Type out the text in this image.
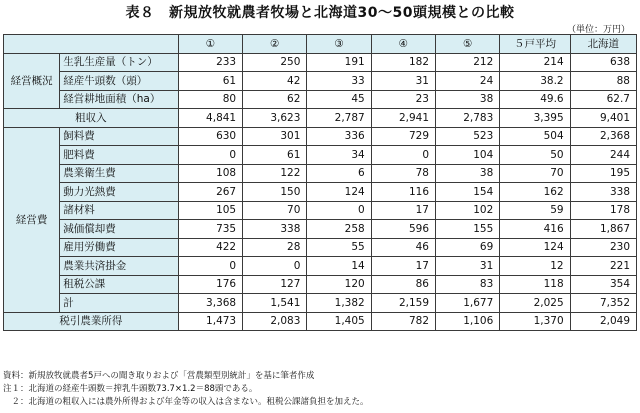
表８　新規放牧就農者牧場と北海道30〜50頭規模との比較
（単位：万円）
		①	②	③	④	⑤	５戸平均	北海道
経営概況	生乳生産量（トン）	233	250	191	182	212	214	638
	経産牛頭数（頭）	61	42	33	31	24	38.2	88
	経営耕地面積（ha）	80	62	45	23	38	49.6	62.7
粗収入		4,841	3,623	2,787	2,941	2,783	3,395	9,401
経営費	飼料費	630	301	336	729	523	504	2,368
	肥料費	0	61	34	0	104	50	244
	農業衛生費	108	122	6	78	38	70	195
	動力光熱費	267	150	124	116	154	162	338
	諸材料	105	70	0	17	102	59	178
	減価償却費	735	338	258	596	155	416	1,867
	雇用労働費	422	28	55	46	69	124	230
	農業共済掛金	0	0	14	17	31	12	221
	租税公課	176	127	120	86	83	118	354
	計	3,368	1,541	1,382	2,159	1,677	2,025	7,352
税引農業所得		1,473	2,083	1,405	782	1,106	1,370	2,049
資料：新規放牧就農者5戸への聞き取りおよび「営農類型別統計」を基に筆者作成
注１：北海道の経産牛頭数＝搾乳牛頭数73.7×1.2＝88頭である。
　２：北海道の粗収入には農外所得および年金等の収入は含まない。租税公課諸負担を加えた。
